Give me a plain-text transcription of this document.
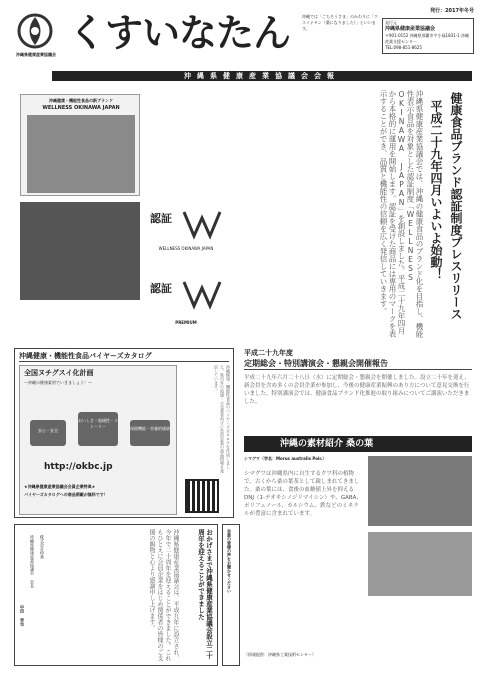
沖縄県健康産業協議会 くすいなたん	沖縄では「ごちそうさま」のかわりに「クスイナタン（薬になりました）」といいます。
発行：2017年冬号
発行元
沖縄県健康産業協議会
〒901-0152 沖縄県那覇市字小禄1831-1 沖縄産業支援センター
TEL:098-851-8625
沖縄県健康産業協議会会報
健康食品ブランド認証制度プレスリリース
平成二十九年四月いよいよ始動！
沖縄県健康産業協議会では、沖縄の健康食品のブランド化を目指し、機能性表示食品を対象とした認証制度「WELLNESS OKINAWA JAPAN」を創設しました。平成二十九年四月から本格的に運用を開始します。認証を受けた商品には専用のマークを表示することができ、品質と機能性の信頼を広く発信していきます。
沖縄健康・機能性食品の新ブランド
WELLNESS OKINAWA JAPAN
認証
WELLNESS OKINAWA JAPAN
認証
PREMIUM
沖縄健康・機能性食品バイヤーズカタログ
全国ヌチグスイ化計画
～沖縄の健康素材でいきましょう！～
安心・安全
おいしさ・地域性・ストーリー	保健機能・栄養的価値
http://okbc.jp
★沖縄県健康産業協議会会員企業特典★
バイヤーズカタログへの商品掲載が無料です！
沖縄健康・機能性食品のバイヤーズカタログを作成しました。県内外の流通・小売業者向けに会員企業の商品情報を発信しています。
平成二十九年度
定期総会・特別講演会・懇親会開催報告
平成二十九年六月二十八日（水）に定期総会・懇親会を開催しました。設立二十年を迎え、新会員を含め多くの会員企業が参加し、今後の健康産業振興のあり方について意見交換を行いました。特別講演会では、健康食品ブランド化推進の取り組みについてご講演いただきました。
沖縄の素材紹介 桑の葉
シマグワ（学名：Morus australis Poir.）
シマグワは沖縄県内に自生するクワ科の植物で、古くから桑の葉茶として親しまれてきました。桑の葉には、食後の血糖値上昇を抑えるDNJ（1-デオキシノジリマイシン）や、GABA、ポリフェノール、カルシウム、鉄などのミネラルが豊富に含まれています。
（情報提供：沖縄県工業技術センター）
おかげさまで沖縄県健康産業協議会設立二十周年を迎えることができました
沖縄県健康産業協議会は、平成九年に設立され、今年で二十周年を迎えることができました。これもひとえに会員企業をはじめ関係者の皆様のご支援の賜物と心より感謝申し上げます。
株式会社仲善
沖縄県健康産業協議会 会長
中田 幸也
会員の皆様の声をお聞かせください
